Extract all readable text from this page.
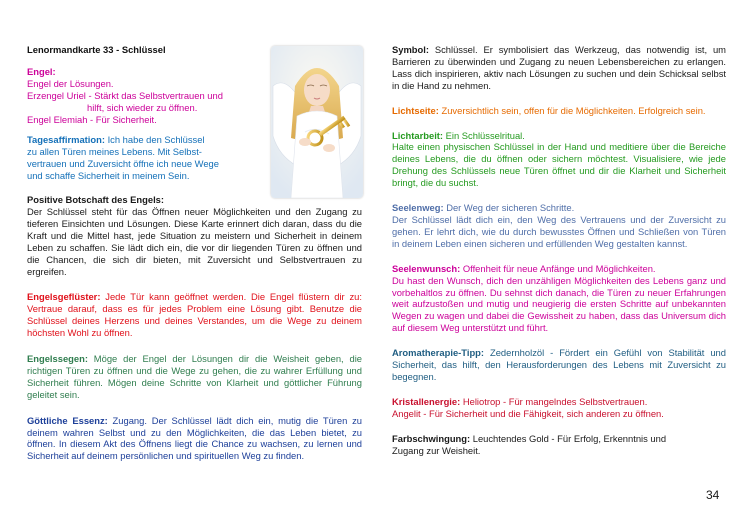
Lenormandkarte 33 - Schlüssel

Engel:

Engel der Lösungen.

Erzengel Uriel - Stärkt das Selbstvertrauen und

hilft, sich wieder zu öffnen.

Engel Elemiah - Für Sicherheit.

Tagesaffirmation: Ich habe den Schlüssel

zu allen Türen meines Lebens. Mit Selbst-

vertrauen und Zuversicht öffne ich neue Wege

und schaffe Sicherheit in meinem Sein.

Positive Botschaft des Engels:

Der Schlüssel steht für das Öffnen neuer Möglichkeiten und den Zugang zu tieferen Einsichten und Lösungen. Diese Karte erinnert dich daran, dass du die Kraft und die Mittel hast, jede Situation zu meistern und Sicherheit in deinem Leben zu schaffen. Sie lädt dich ein, die vor dir liegenden Türen zu öffnen und die Chancen, die sich dir bieten, mit Zuversicht und Selbstvertrauen zu ergreifen.

Engelsgeflüster: Jede Tür kann geöffnet werden. Die Engel flüstern dir zu: Vertraue darauf, dass es für jedes Problem eine Lösung gibt. Benutze die Schlüssel deines Herzens und deines Verstandes, um die Wege zu deinem höchsten Wohl zu öffnen.

Engelssegen: Möge der Engel der Lösungen dir die Weisheit geben, die richtigen Türen zu öffnen und die Wege zu gehen, die zu wahrer Erfüllung und Sicherheit führen. Mögen deine Schritte von Klarheit und göttlicher Führung geleitet sein.

Göttliche Essenz: Zugang. Der Schlüssel lädt dich ein, mutig die Türen zu deinem wahren Selbst und zu den Möglichkeiten, die das Leben bietet, zu öffnen. In diesem Akt des Öffnens liegt die Chance zu wachsen, zu lernen und Sicherheit auf deinem persönlichen und spirituellen Weg zu finden.

Symbol: Schlüssel. Er symbolisiert das Werkzeug, das notwendig ist, um Barrieren zu überwinden und Zugang zu neuen Lebensbereichen zu erlangen. Lass dich inspirieren, aktiv nach Lösungen zu suchen und dein Schicksal selbst in die Hand zu nehmen.

Lichtseite: Zuversichtlich sein, offen für die Möglichkeiten. Erfolgreich sein.

Lichtarbeit: Ein Schlüsselritual.

Halte einen physischen Schlüssel in der Hand und meditiere über die Bereiche deines Lebens, die du öffnen oder sichern möchtest. Visualisiere, wie jede Drehung des Schlüssels neue Türen öffnet und dir die Klarheit und Sicherheit bringt, die du suchst.

Seelenweg: Der Weg der sicheren Schritte.

Der Schlüssel lädt dich ein, den Weg des Vertrauens und der Zuversicht zu gehen. Er lehrt dich, wie du durch bewusstes Öffnen und Schließen von Türen in deinem Leben einen sicheren und erfüllenden Weg gestalten kannst.

Seelenwunsch: Offenheit für neue Anfänge und Möglichkeiten.

Du hast den Wunsch, dich den unzähligen Möglichkeiten des Lebens ganz und vorbehaltlos zu öffnen. Du sehnst dich danach, die Türen zu neuer Erfahrungen weit aufzustoßen und mutig und neugierig die ersten Schritte auf unbekannten Wegen zu wagen und dabei die Gewissheit zu haben, dass das Universum dich auf diesem Weg unterstützt und führt.

Aromatherapie-Tipp: Zedernholzöl - Fördert ein Gefühl von Stabilität und Sicherheit, das hilft, den Herausforderungen des Lebens mit Zuversicht zu begegnen.

Kristallenergie: Heliotrop - Für mangelndes Selbstvertrauen.

Angelit - Für Sicherheit und die Fähigkeit, sich anderen zu öffnen.

Farbschwingung: Leuchtendes Gold - Für Erfolg, Erkenntnis und Zugang zur Weisheit.

34
